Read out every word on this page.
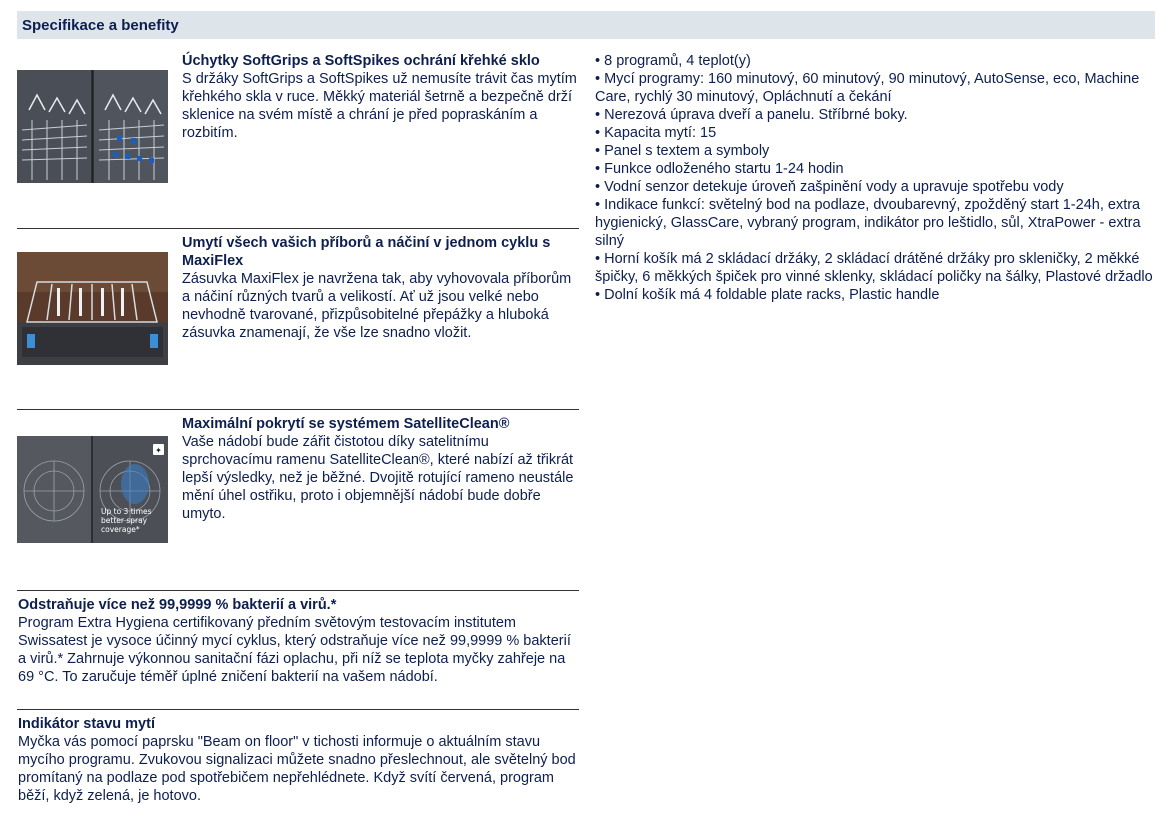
Specifikace a benefity
Úchytky SoftGrips a SoftSpikes ochrání křehké sklo
S držáky SoftGrips a SoftSpikes už nemusíte trávit čas mytím křehkého skla v ruce. Měkký materiál šetrně a bezpečně drží sklenice na svém místě a chrání je před popraskáním a rozbitím.
Umytí všech vašich příborů a náčiní v jednom cyklu s MaxiFlex
Zásuvka MaxiFlex je navržena tak, aby vyhovovala příborům a náčiní různých tvarů a velikostí. Ať už jsou velké nebo nevhodně tvarované, přizpůsobitelné přepážky a hluboká zásuvka znamenají, že vše lze snadno vložit.
✦
Up to 3 times
better spray
coverage*
Maximální pokrytí se systémem SatelliteClean®
Vaše nádobí bude zářit čistotou díky satelitnímu sprchovacímu ramenu SatelliteClean®, které nabízí až třikrát lepší výsledky, než je běžné. Dvojitě rotující rameno neustále mění úhel ostřiku, proto i objemnější nádobí bude dobře umyto.
Odstraňuje více než 99,9999 % bakterií a virů.*
Program Extra Hygiena certifikovaný předním světovým testovacím institutem Swissatest je vysoce účinný mycí cyklus, který odstraňuje více než 99,9999 % bakterií a virů.* Zahrnuje výkonnou sanitační fázi oplachu, při níž se teplota myčky zahřeje na 69 °C. To zaručuje téměř úplné zničení bakterií na vašem nádobí.
Indikátor stavu mytí
Myčka vás pomocí paprsku "Beam on floor" v tichosti informuje o aktuálním stavu mycího programu. Zvukovou signalizaci můžete snadno přeslechnout, ale světelný bod promítaný na podlaze pod spotřebičem nepřehlédnete. Když svítí červená, program běží, když zelená, je hotovo.
• 8 programů, 4 teplot(y)
• Mycí programy: 160 minutový, 60 minutový, 90 minutový, AutoSense, eco, Machine Care, rychlý 30 minutový, Opláchnutí a čekání
• Nerezová úprava dveří a panelu. Stříbrné boky.
• Kapacita mytí: 15
• Panel s textem a symboly
• Funkce odloženého startu 1-24 hodin
• Vodní senzor detekuje úroveň zašpinění vody a upravuje spotřebu vody
• Indikace funkcí: světelný bod na podlaze, dvoubarevný, zpožděný start 1-24h, extra hygienický, GlassCare, vybraný program, indikátor pro leštidlo, sůl, XtraPower - extra silný
• Horní košík má 2 skládací držáky, 2 skládací drátěné držáky pro skleničky, 2 měkké špičky, 6 měkkých špiček pro vinné sklenky, skládací poličky na šálky, Plastové držadlo
• Dolní košík má 4 foldable plate racks, Plastic handle
